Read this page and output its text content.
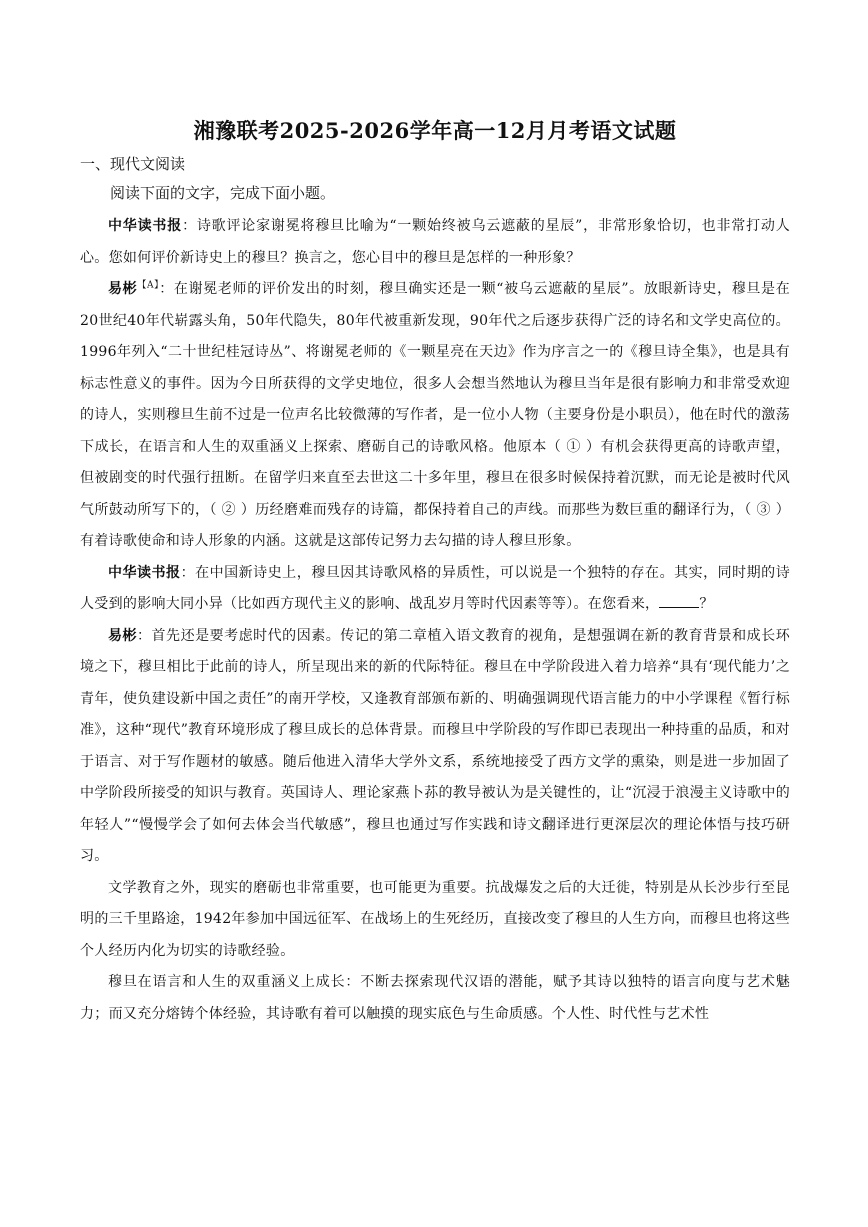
湘豫联考2025-2026学年高一12月月考语文试题
一、现代文阅读
阅读下面的文字，完成下面小题。

中华读书报：诗歌评论家谢冕将穆旦比喻为“一颗始终被乌云遮蔽的星辰”，非常形象恰切，也非常打动人心。您如何评价新诗史上的穆旦？换言之，您心目中的穆旦是怎样的一种形象？

易彬$^{【A】}$：在谢冕老师的评价发出的时刻，穆旦确实还是一颗“被乌云遮蔽的星辰”。放眼新诗史，穆旦是在20世纪40年代崭露头角，50年代隐失，80年代被重新发现，90年代之后逐步获得广泛的诗名和文学史高位的。1996年列入“二十世纪桂冠诗丛”、将谢冕老师的《一颗星亮在天边》作为序言之一的《穆旦诗全集》，也是具有标志性意义的事件。因为今日所获得的文学史地位，很多人会想当然地认为穆旦当年是很有影响力和非常受欢迎的诗人，实则穆旦生前不过是一位声名比较微薄的写作者，是一位小人物（主要身份是小职员），他在时代的激荡下成长，在语言和人生的双重涵义上探索、磨砺自己的诗歌风格。他原本（ ① ）有机会获得更高的诗歌声望，但被剧变的时代强行扭断。在留学归来直至去世这二十多年里，穆旦在很多时候保持着沉默，而无论是被时代风气所鼓动所写下的，（ ② ）历经磨难而残存的诗篇，都保持着自己的声线。而那些为数巨重的翻译行为，（ ③ ）有着诗歌使命和诗人形象的内涵。这就是这部传记努力去勾描的诗人穆旦形象。

中华读书报：在中国新诗史上，穆旦因其诗歌风格的异质性，可以说是一个独特的存在。其实，同时期的诗人受到的影响大同小异（比如西方现代主义的影响、战乱岁月等时代因素等等）。在您看来，	？

易彬：首先还是要考虑时代的因素。传记的第二章植入语文教育的视角，是想强调在新的教育背景和成长环境之下，穆旦相比于此前的诗人，所呈现出来的新的代际特征。穆旦在中学阶段进入着力培养“具有‘现代能力’之青年，使负建设新中国之责任”的南开学校，又逢教育部颁布新的、明确强调现代语言能力的中小学课程《暂行标准》，这种“现代”教育环境形成了穆旦成长的总体背景。而穆旦中学阶段的写作即已表现出一种持重的品质，和对于语言、对于写作题材的敏感。随后他进入清华大学外文系，系统地接受了西方文学的熏染，则是进一步加固了中学阶段所接受的知识与教育。英国诗人、理论家燕卜荪的教导被认为是关键性的，让“沉浸于浪漫主义诗歌中的年轻人”“慢慢学会了如何去体会当代敏感”，穆旦也通过写作实践和诗文翻译进行更深层次的理论体悟与技巧研习。

文学教育之外，现实的磨砺也非常重要，也可能更为重要。抗战爆发之后的大迁徙，特别是从长沙步行至昆明的三千里路途，1942年参加中国远征军、在战场上的生死经历，直接改变了穆旦的人生方向，而穆旦也将这些个人经历内化为切实的诗歌经验。

穆旦在语言和人生的双重涵义上成长：不断去探索现代汉语的潜能，赋予其诗以独特的语言向度与艺术魅力；而又充分熔铸个体经验，其诗歌有着可以触摸的现实底色与生命质感。个人性、时代性与艺术性
